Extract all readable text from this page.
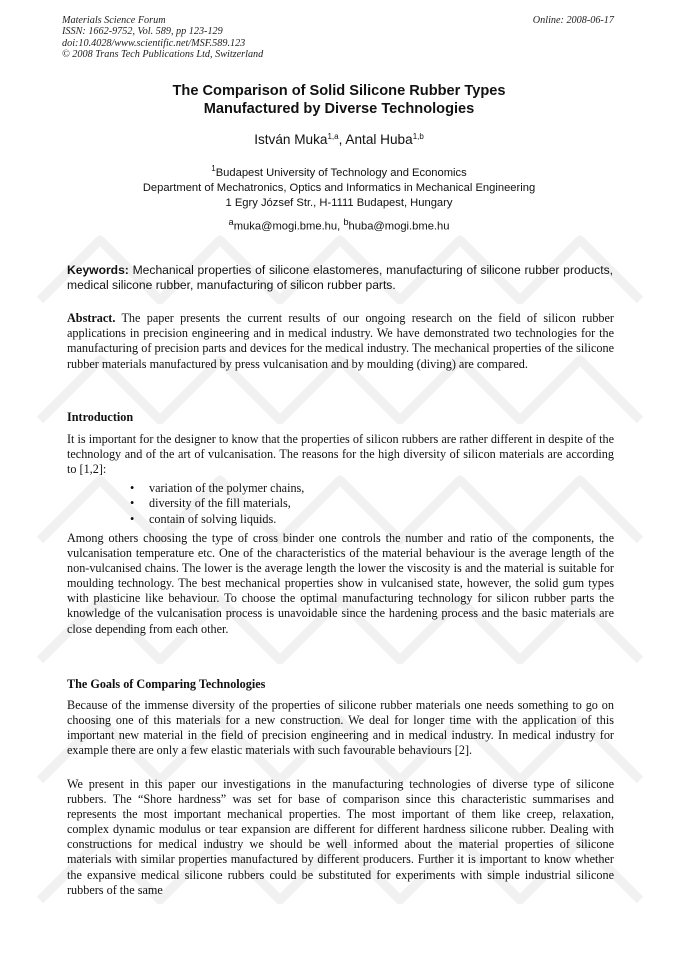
Materials Science Forum
ISSN: 1662-9752, Vol. 589, pp 123-129
doi:10.4028/www.scientific.net/MSF.589.123
© 2008 Trans Tech Publications Ltd, Switzerland
Online: 2008-06-17
The Comparison of Solid Silicone Rubber Types
Manufactured by Diverse Technologies
István Muka$^{1,a}$, Antal Huba$^{1,b}$
$^1$Budapest University of Technology and Economics
Department of Mechatronics, Optics and Informatics in Mechanical Engineering
1 Egry József Str., H-1111 Budapest, Hungary
$^a$muka@mogi.bme.hu, $^b$huba@mogi.bme.hu
Keywords: Mechanical properties of silicone elastomeres, manufacturing of silicone rubber products, medical silicone rubber, manufacturing of silicon rubber parts.
Abstract. The paper presents the current results of our ongoing research on the field of silicon rubber applications in precision engineering and in medical industry. We have demonstrated two technologies for the manufacturing of precision parts and devices for the medical industry. The mechanical properties of the silicone rubber materials manufactured by press vulcanisation and by moulding (diving) are compared.
Introduction
It is important for the designer to know that the properties of silicon rubbers are rather different in despite of the technology and of the art of vulcanisation. The reasons for the high diversity of silicon materials are according to [1,2]:
• variation of the polymer chains,
• diversity of the fill materials,
• contain of solving liquids.
Among others choosing the type of cross binder one controls the number and ratio of the components, the vulcanisation temperature etc. One of the characteristics of the material behaviour is the average length of the non-vulcanised chains. The lower is the average length the lower the viscosity is and the material is suitable for moulding technology. The best mechanical properties show in vulcanised state, however, the solid gum types with plasticine like behaviour. To choose the optimal manufacturing technology for silicon rubber parts the knowledge of the vulcanisation process is unavoidable since the hardening process and the basic materials are close depending from each other.
The Goals of Comparing Technologies
Because of the immense diversity of the properties of silicone rubber materials one needs something to go on choosing one of this materials for a new construction. We deal for longer time with the application of this important new material in the field of precision engineering and in medical industry. In medical industry for example there are only a few elastic materials with such favourable behaviours [2].
We present in this paper our investigations in the manufacturing technologies of diverse type of silicone rubbers. The “Shore hardness” was set for base of comparison since this characteristic summarises and represents the most important mechanical properties. The most important of them like creep, relaxation, complex dynamic modulus or tear expansion are different for different hardness silicone rubber. Dealing with constructions for medical industry we should be well informed about the material properties of silicone materials with similar properties manufactured by different producers. Further it is important to know whether the expansive medical silicone rubbers could be substituted for experiments with simple industrial silicone rubbers of the same
